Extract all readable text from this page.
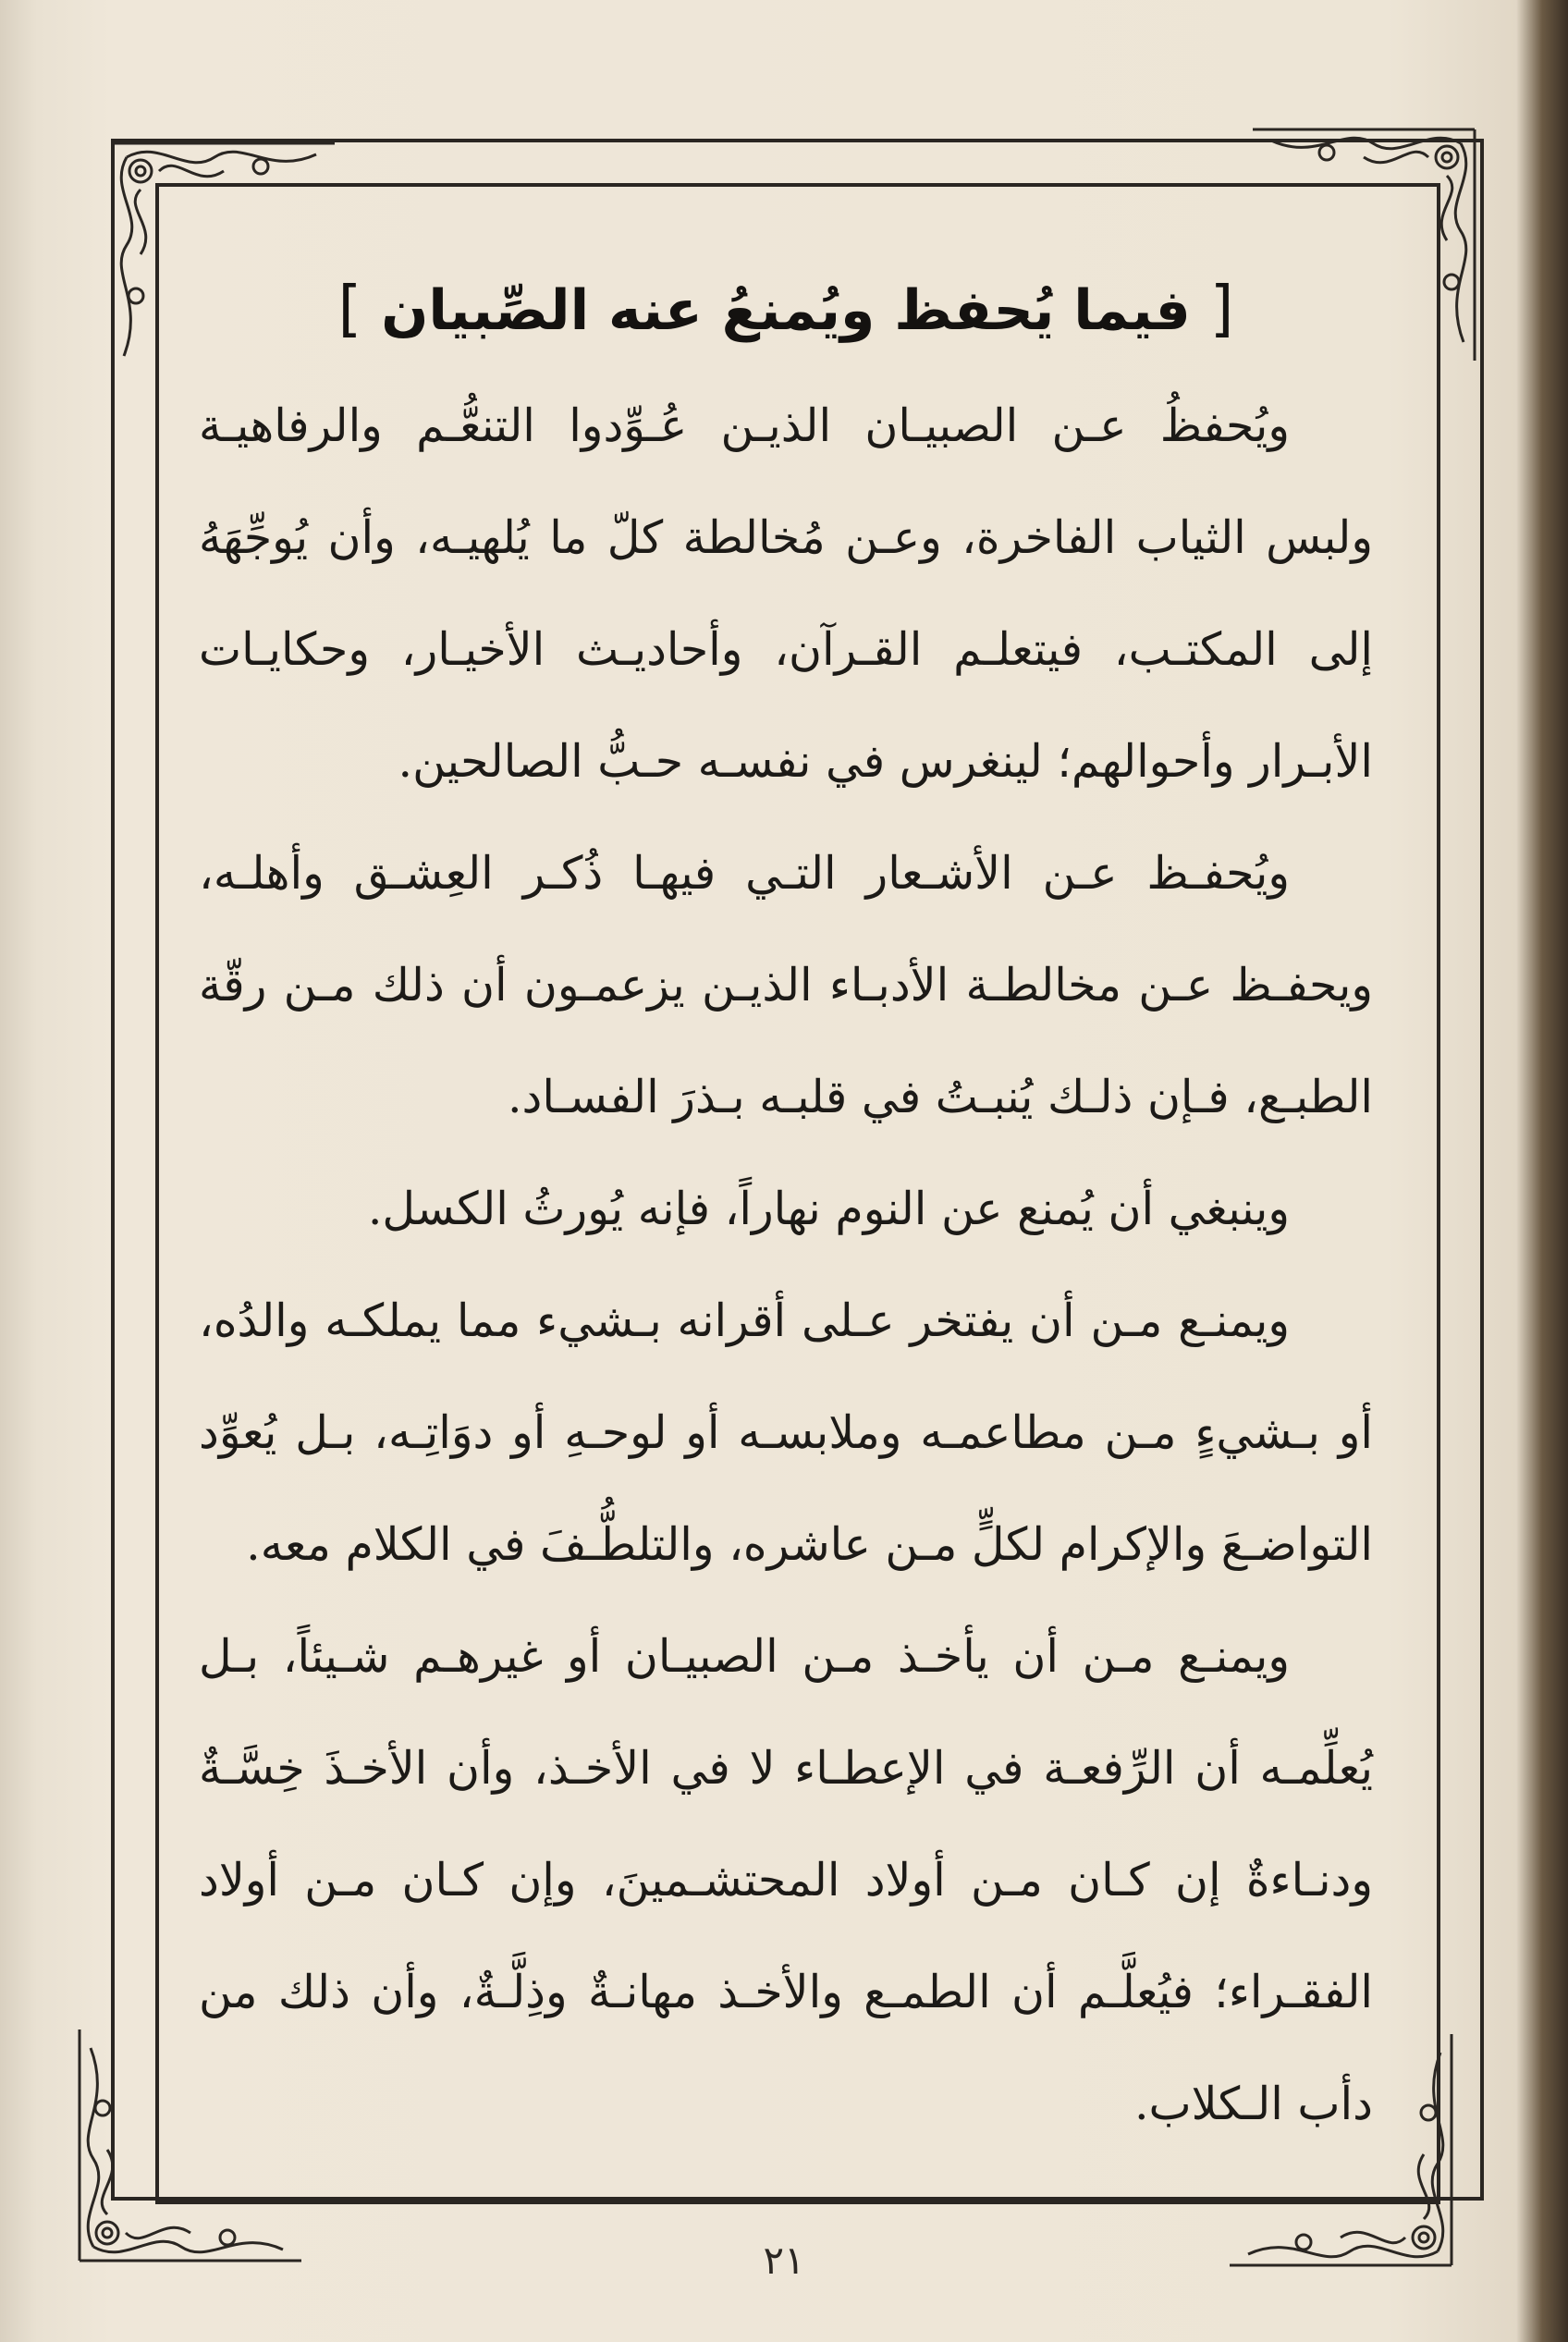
[ فيما يُحفظ ويُمنعُ عنه الصِّبيان ]

ويُحفظُ عـن الصبيـان الذيـن عُـوِّدوا التنعُّـم والرفاهيـة ولبس الثياب الفاخرة، وعـن مُخالطة كلّ ما يُلهيـه، وأن يُوجِّهَهُ إلى المكتـب، فيتعلـم القـرآن، وأحاديـث الأخيـار، وحكايـات الأبـرار وأحوالهم؛ لينغرس في نفسـه حـبُّ الصالحين.

ويُحفـظ عـن الأشـعار التـي فيهـا ذُكـر العِشـق وأهلـه، ويحفـظ عـن مخالطـة الأدبـاء الذيـن يزعمـون أن ذلك مـن رقّة الطبـع، فـإن ذلـك يُنبـتُ في قلبـه بـذرَ الفسـاد.

وينبغي أن يُمنع عن النوم نهاراً، فإنه يُورثُ الكسل.

ويمنـع مـن أن يفتخر عـلى أقرانه بـشيء مما يملكـه والدُه، أو بـشيءٍ مـن مطاعمـه وملابسـه أو لوحـهِ أو دوَاتِـه، بـل يُعوِّد التواضـعَ والإكرام لكلٍّ مـن عاشره، والتلطُّـفَ في الكلام معه.

ويمنـع مـن أن يأخـذ مـن الصبيـان أو غيرهـم شـيئاً، بـل يُعلِّمـه أن الرِّفعـة في الإعطـاء لا في الأخـذ، وأن الأخـذَ خِسَّـةٌ ودنـاءةٌ إن كـان مـن أولاد المحتشـمينَ، وإن كـان مـن أولاد الفقـراء؛ فيُعلَّـم أن الطمـع والأخـذ مهانـةٌ وذِلَّـةٌ، وأن ذلك من دأب الـكلاب.

٢١
